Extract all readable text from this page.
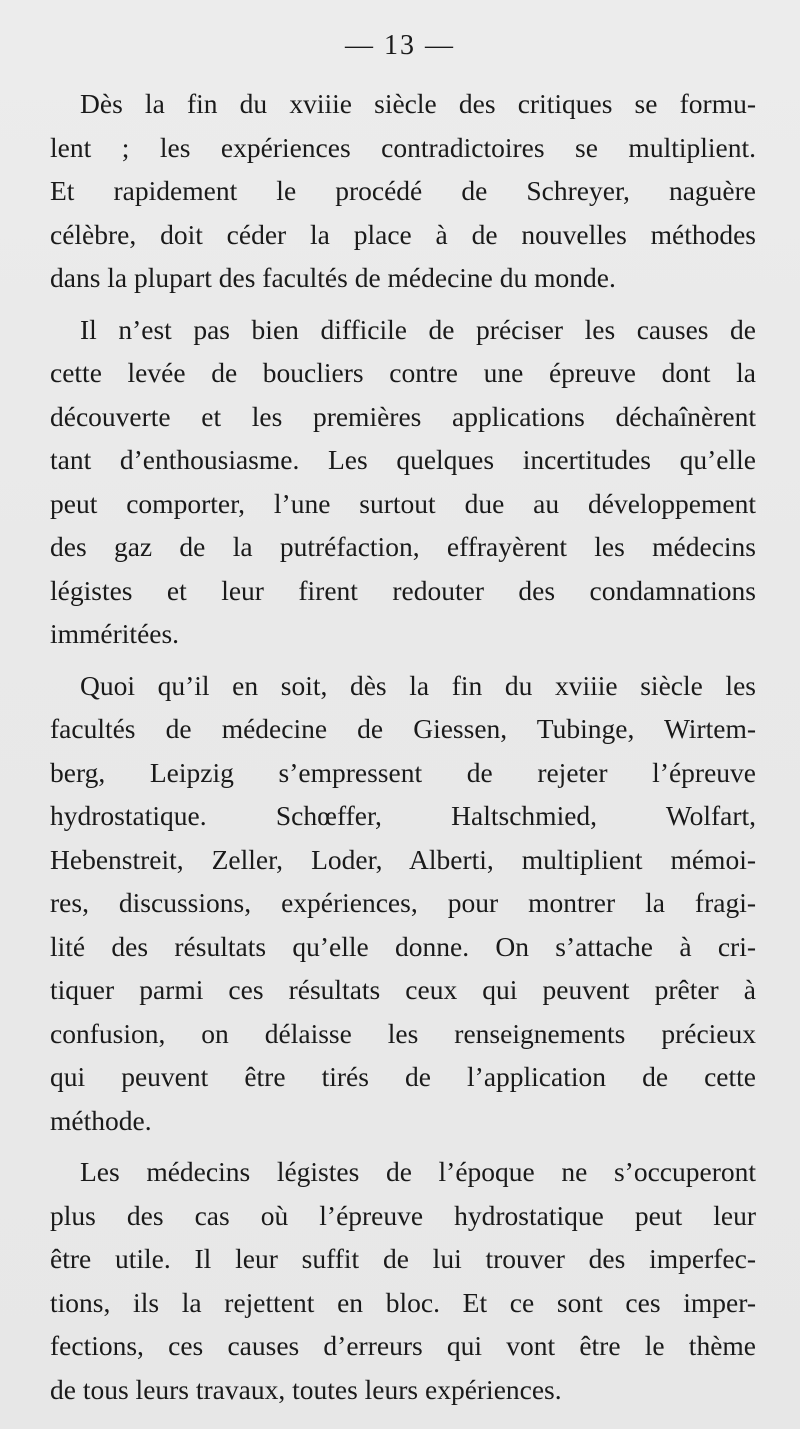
— 13 —
Dès la fin du xviiie siècle des critiques se formu-
lent ; les expériences contradictoires se multiplient.
Et rapidement le procédé de Schreyer, naguère
célèbre, doit céder la place à de nouvelles méthodes
dans la plupart des facultés de médecine du monde.
Il n’est pas bien difficile de préciser les causes de
cette levée de boucliers contre une épreuve dont la
découverte et les premières applications déchaînèrent
tant d’enthousiasme. Les quelques incertitudes qu’elle
peut comporter, l’une surtout due au développement
des gaz de la putréfaction, effrayèrent les médecins
légistes et leur firent redouter des condamnations
imméritées.
Quoi qu’il en soit, dès la fin du xviiie siècle les
facultés de médecine de Giessen, Tubinge, Wirtem-
berg, Leipzig s’empressent de rejeter l’épreuve
hydrostatique. Schœffer, Haltschmied, Wolfart,
Hebenstreit, Zeller, Loder, Alberti, multiplient mémoi-
res, discussions, expériences, pour montrer la fragi-
lité des résultats qu’elle donne. On s’attache à cri-
tiquer parmi ces résultats ceux qui peuvent prêter à
confusion, on délaisse les renseignements précieux
qui peuvent être tirés de l’application de cette
méthode.
Les médecins légistes de l’époque ne s’occuperont
plus des cas où l’épreuve hydrostatique peut leur
être utile. Il leur suffit de lui trouver des imperfec-
tions, ils la rejettent en bloc. Et ce sont ces imper-
fections, ces causes d’erreurs qui vont être le thème
de tous leurs travaux, toutes leurs expériences.
